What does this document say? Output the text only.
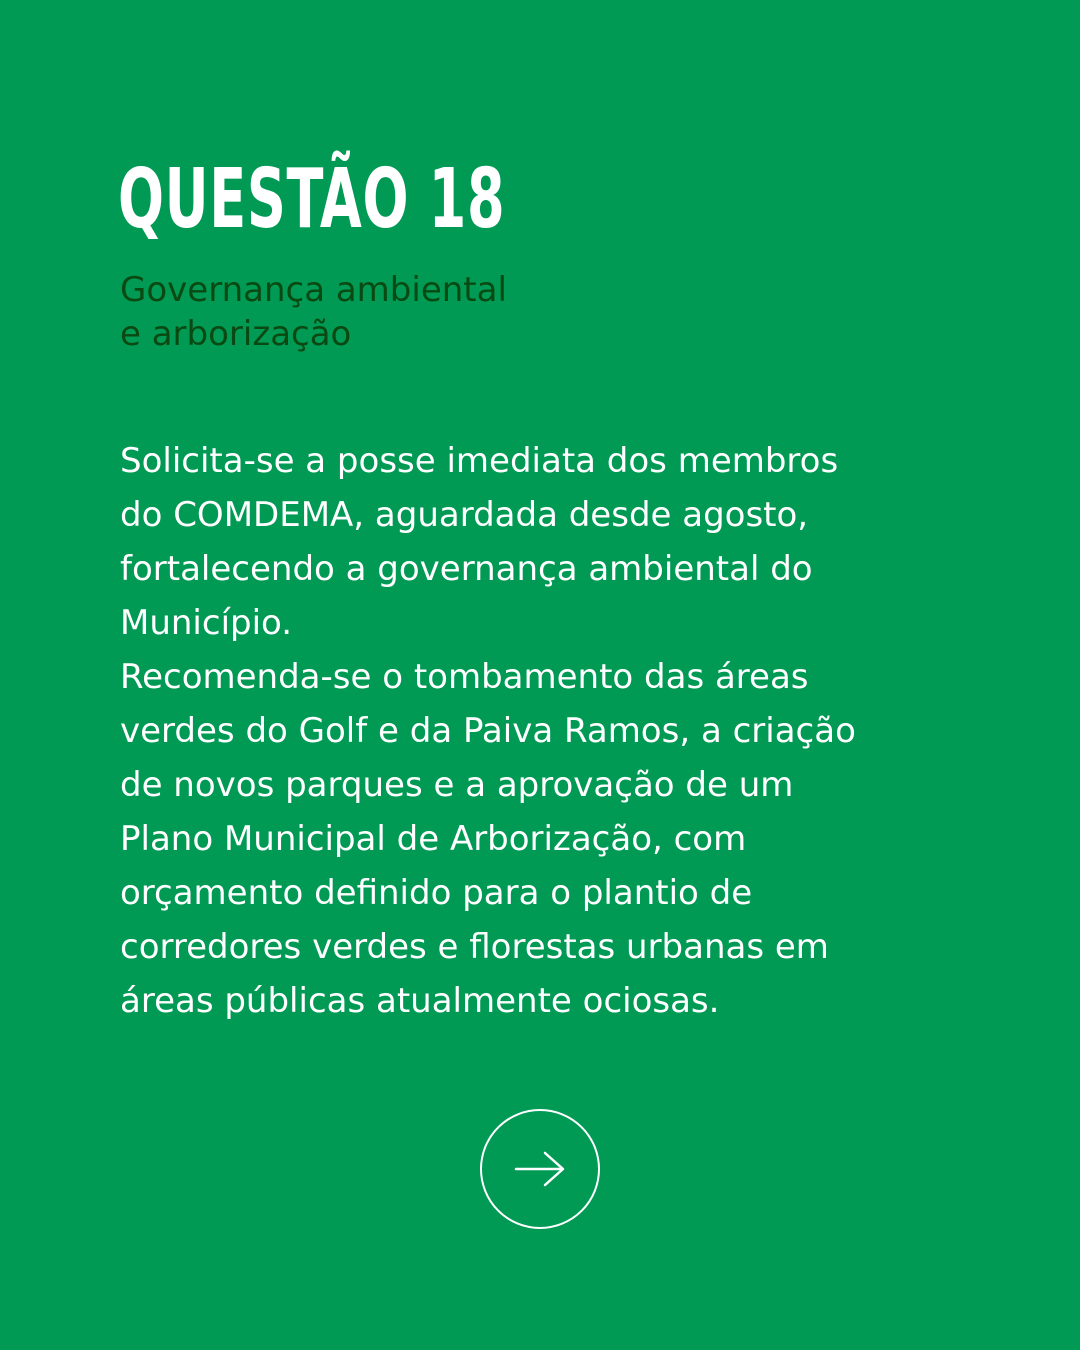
QUESTÃO 18
Governança ambiental
e arborização
Solicita-se a posse imediata dos membros
do COMDEMA, aguardada desde agosto,
fortalecendo a governança ambiental do
Município.
Recomenda-se o tombamento das áreas
verdes do Golf e da Paiva Ramos, a criação
de novos parques e a aprovação de um
Plano Municipal de Arborização, com
orçamento definido para o plantio de
corredores verdes e florestas urbanas em
áreas públicas atualmente ociosas.
